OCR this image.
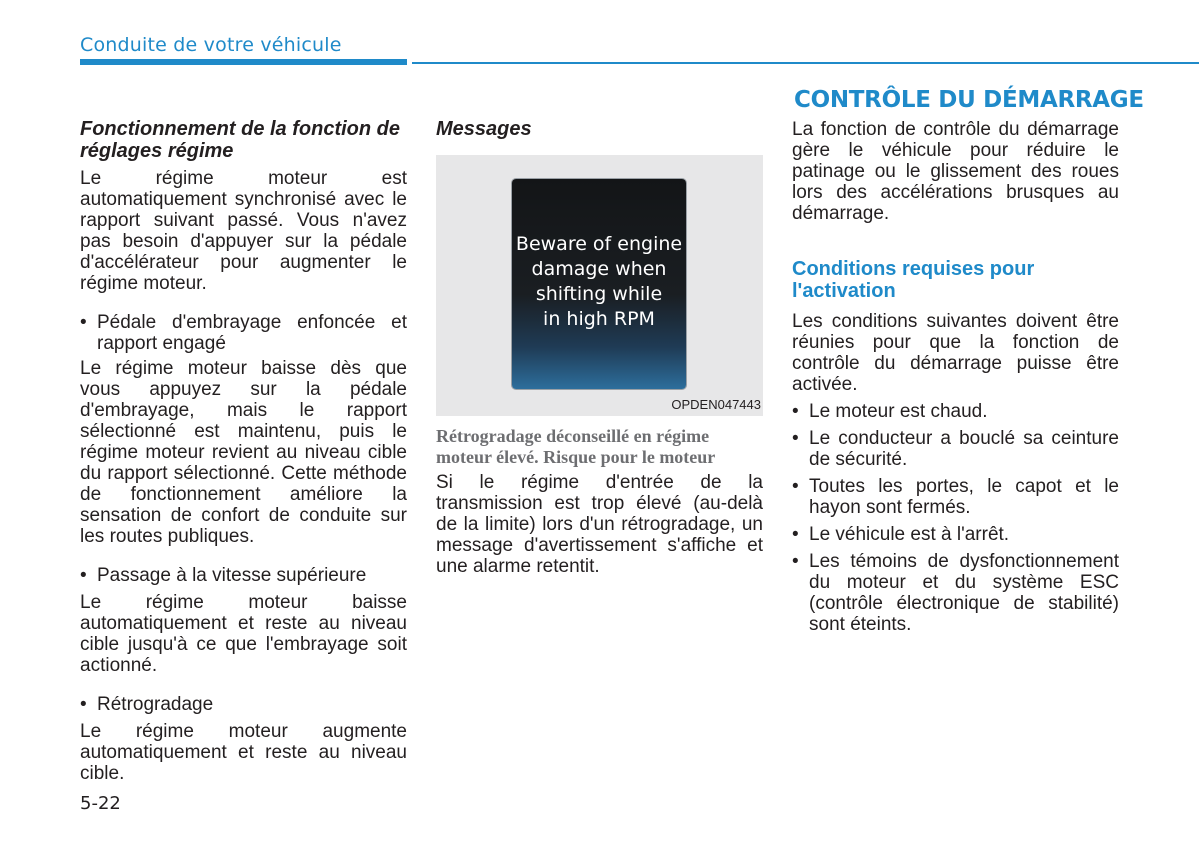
Conduite de votre véhicule
Fonctionnement de la fonction de réglages régime

Le régime moteur est automatiquement synchronisé avec le rapport suivant passé. Vous n'avez pas besoin d'appuyer sur la pédale d'accélérateur pour augmenter le régime moteur.

• Pédale d'embrayage enfoncée et rapport engagé

Le régime moteur baisse dès que vous appuyez sur la pédale d'embrayage, mais le rapport sélectionné est maintenu, puis le régime moteur revient au niveau cible du rapport sélectionné. Cette méthode de fonctionnement améliore la sensation de confort de conduite sur les routes publiques.

• Passage à la vitesse supérieure

Le régime moteur baisse automatiquement et reste au niveau cible jusqu'à ce que l'embrayage soit actionné.

• Rétrogradage

Le régime moteur augmente automatiquement et reste au niveau cible.

Messages
Beware of engine
damage when
shifting while
in high RPM
OPDEN047443
Rétrogradage déconseillé en régime moteur élevé. Risque pour le moteur

Si le régime d'entrée de la transmission est trop élevé (au-delà de la limite) lors d'un rétrogradage, un message d'avertissement s'affiche et une alarme retentit.

CONTRÔLE DU DÉMARRAGE

La fonction de contrôle du démarrage gère le véhicule pour réduire le patinage ou le glissement des roues lors des accélérations brusques au démarrage.

Conditions requises pour l'activation

Les conditions suivantes doivent être réunies pour que la fonction de contrôle du démarrage puisse être activée.

• Le moteur est chaud.
• Le conducteur a bouclé sa ceinture de sécurité.
• Toutes les portes, le capot et le hayon sont fermés.
• Le véhicule est à l'arrêt.
• Les témoins de dysfonctionnement du moteur et du système ESC (contrôle électronique de stabilité) sont éteints.
5-22
